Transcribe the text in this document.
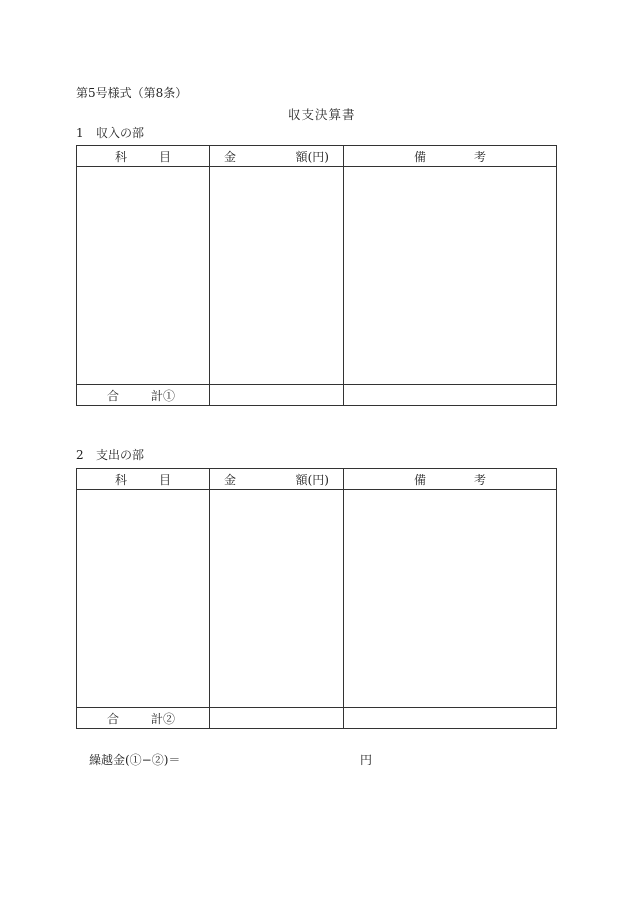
第5号様式（第8条）
収支決算書
1 収入の部
科 目	金 額(円)	備 考

合 計①		

2 支出の部
科 目	金 額(円)	備 考

合 計②		

繰越金(①−②)＝	円
